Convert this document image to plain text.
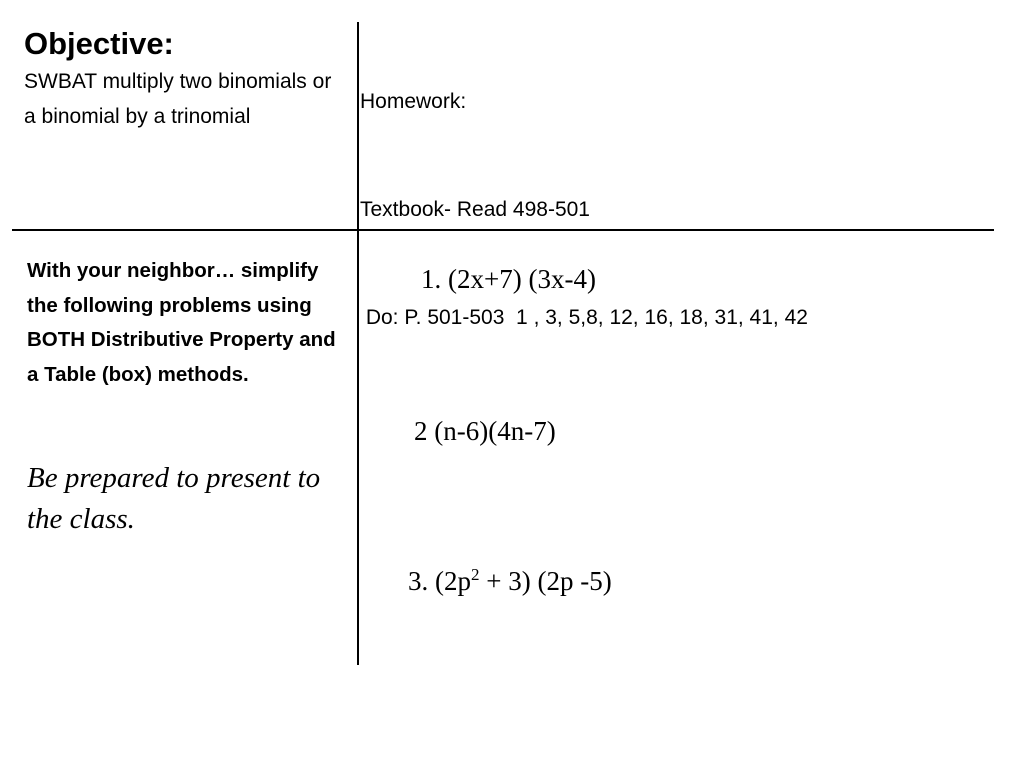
Objective:
SWBAT multiply two binomials or a binomial by a trinomial

Homework:

Textbook- Read 498-501

Do: P. 501-503  1 , 3, 5,8, 12, 16, 18, 31, 41, 42

With your neighbor… simplify the following problems using BOTH Distributive Property and a Table (box) methods.
Be prepared to present to the class.
1. (2x+7) (3x-4)
2 (n-6)(4n-7)
3. $(2p^2 + 3)$ (2p -5)
